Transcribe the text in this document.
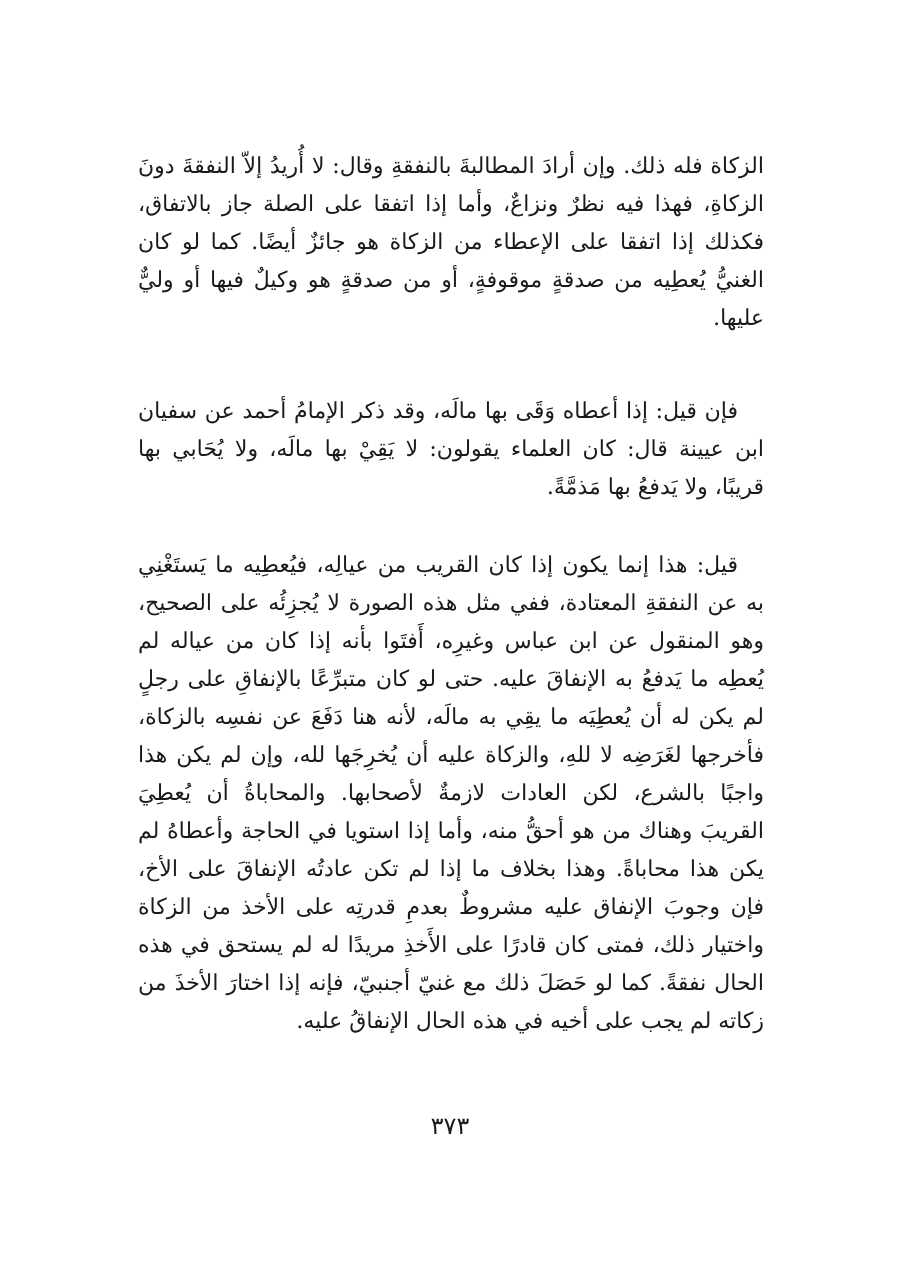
الزكاة فله ذلك. وإن أرادَ المطالبةَ بالنفقةِ وقال: لا أُريدُ إلاّ النفقةَ دونَ الزكاةِ، فهذا فيه نظرٌ ونزاعٌ، وأما إذا اتفقا على الصلة جاز بالاتفاق، فكذلك إذا اتفقا على الإعطاء من الزكاة هو جائزٌ أيضًا. كما لو كان الغنيُّ يُعطِيه من صدقةٍ موقوفةٍ، أو من صدقةٍ هو وكيلٌ فيها أو وليٌّ عليها.

فإن قيل: إذا أعطاه وَقَى بها مالَه، وقد ذكر الإمامُ أحمد عن سفيان ابن عيينة قال: كان العلماء يقولون: لا يَقِيْ بها مالَه، ولا يُحَابي بها قريبًا، ولا يَدفعُ بها مَذمَّةً.

قيل: هذا إنما يكون إذا كان القريب من عيالِه، فيُعطِيه ما يَستَغْنِي به عن النفقةِ المعتادة، ففي مثل هذه الصورة لا يُجزِئُه على الصحيح، وهو المنقول عن ابن عباس وغيرِه، أَفتَوا بأنه إذا كان من عياله لم يُعطِه ما يَدفعُ به الإنفاقَ عليه. حتى لو كان متبرِّعًا بالإنفاقِ على رجلٍ لم يكن له أن يُعطِيَه ما يقِي به مالَه، لأنه هنا دَفَعَ عن نفسِه بالزكاة، فأخرجها لغَرَضِه لا للهِ، والزكاة عليه أن يُخرِجَها لله، وإن لم يكن هذا واجبًا بالشرع، لكن العادات لازمةٌ لأصحابها. والمحاباةُ أن يُعطِيَ القريبَ وهناك من هو أحقُّ منه، وأما إذا استويا في الحاجة وأعطاهُ لم يكن هذا محاباةً. وهذا بخلاف ما إذا لم تكن عادتُه الإنفاقَ على الأخ، فإن وجوبَ الإنفاق عليه مشروطٌ بعدمِ قدرتِه على الأخذ من الزكاة واختيار ذلك، فمتى كان قادرًا على الأَخذِ مريدًا له لم يستحق في هذه الحال نفقةً. كما لو حَصَلَ ذلك مع غنيّ أجنبيّ، فإنه إذا اختارَ الأخذَ من زكاته لم يجب على أخيه في هذه الحال الإنفاقُ عليه.

٣٧٣
